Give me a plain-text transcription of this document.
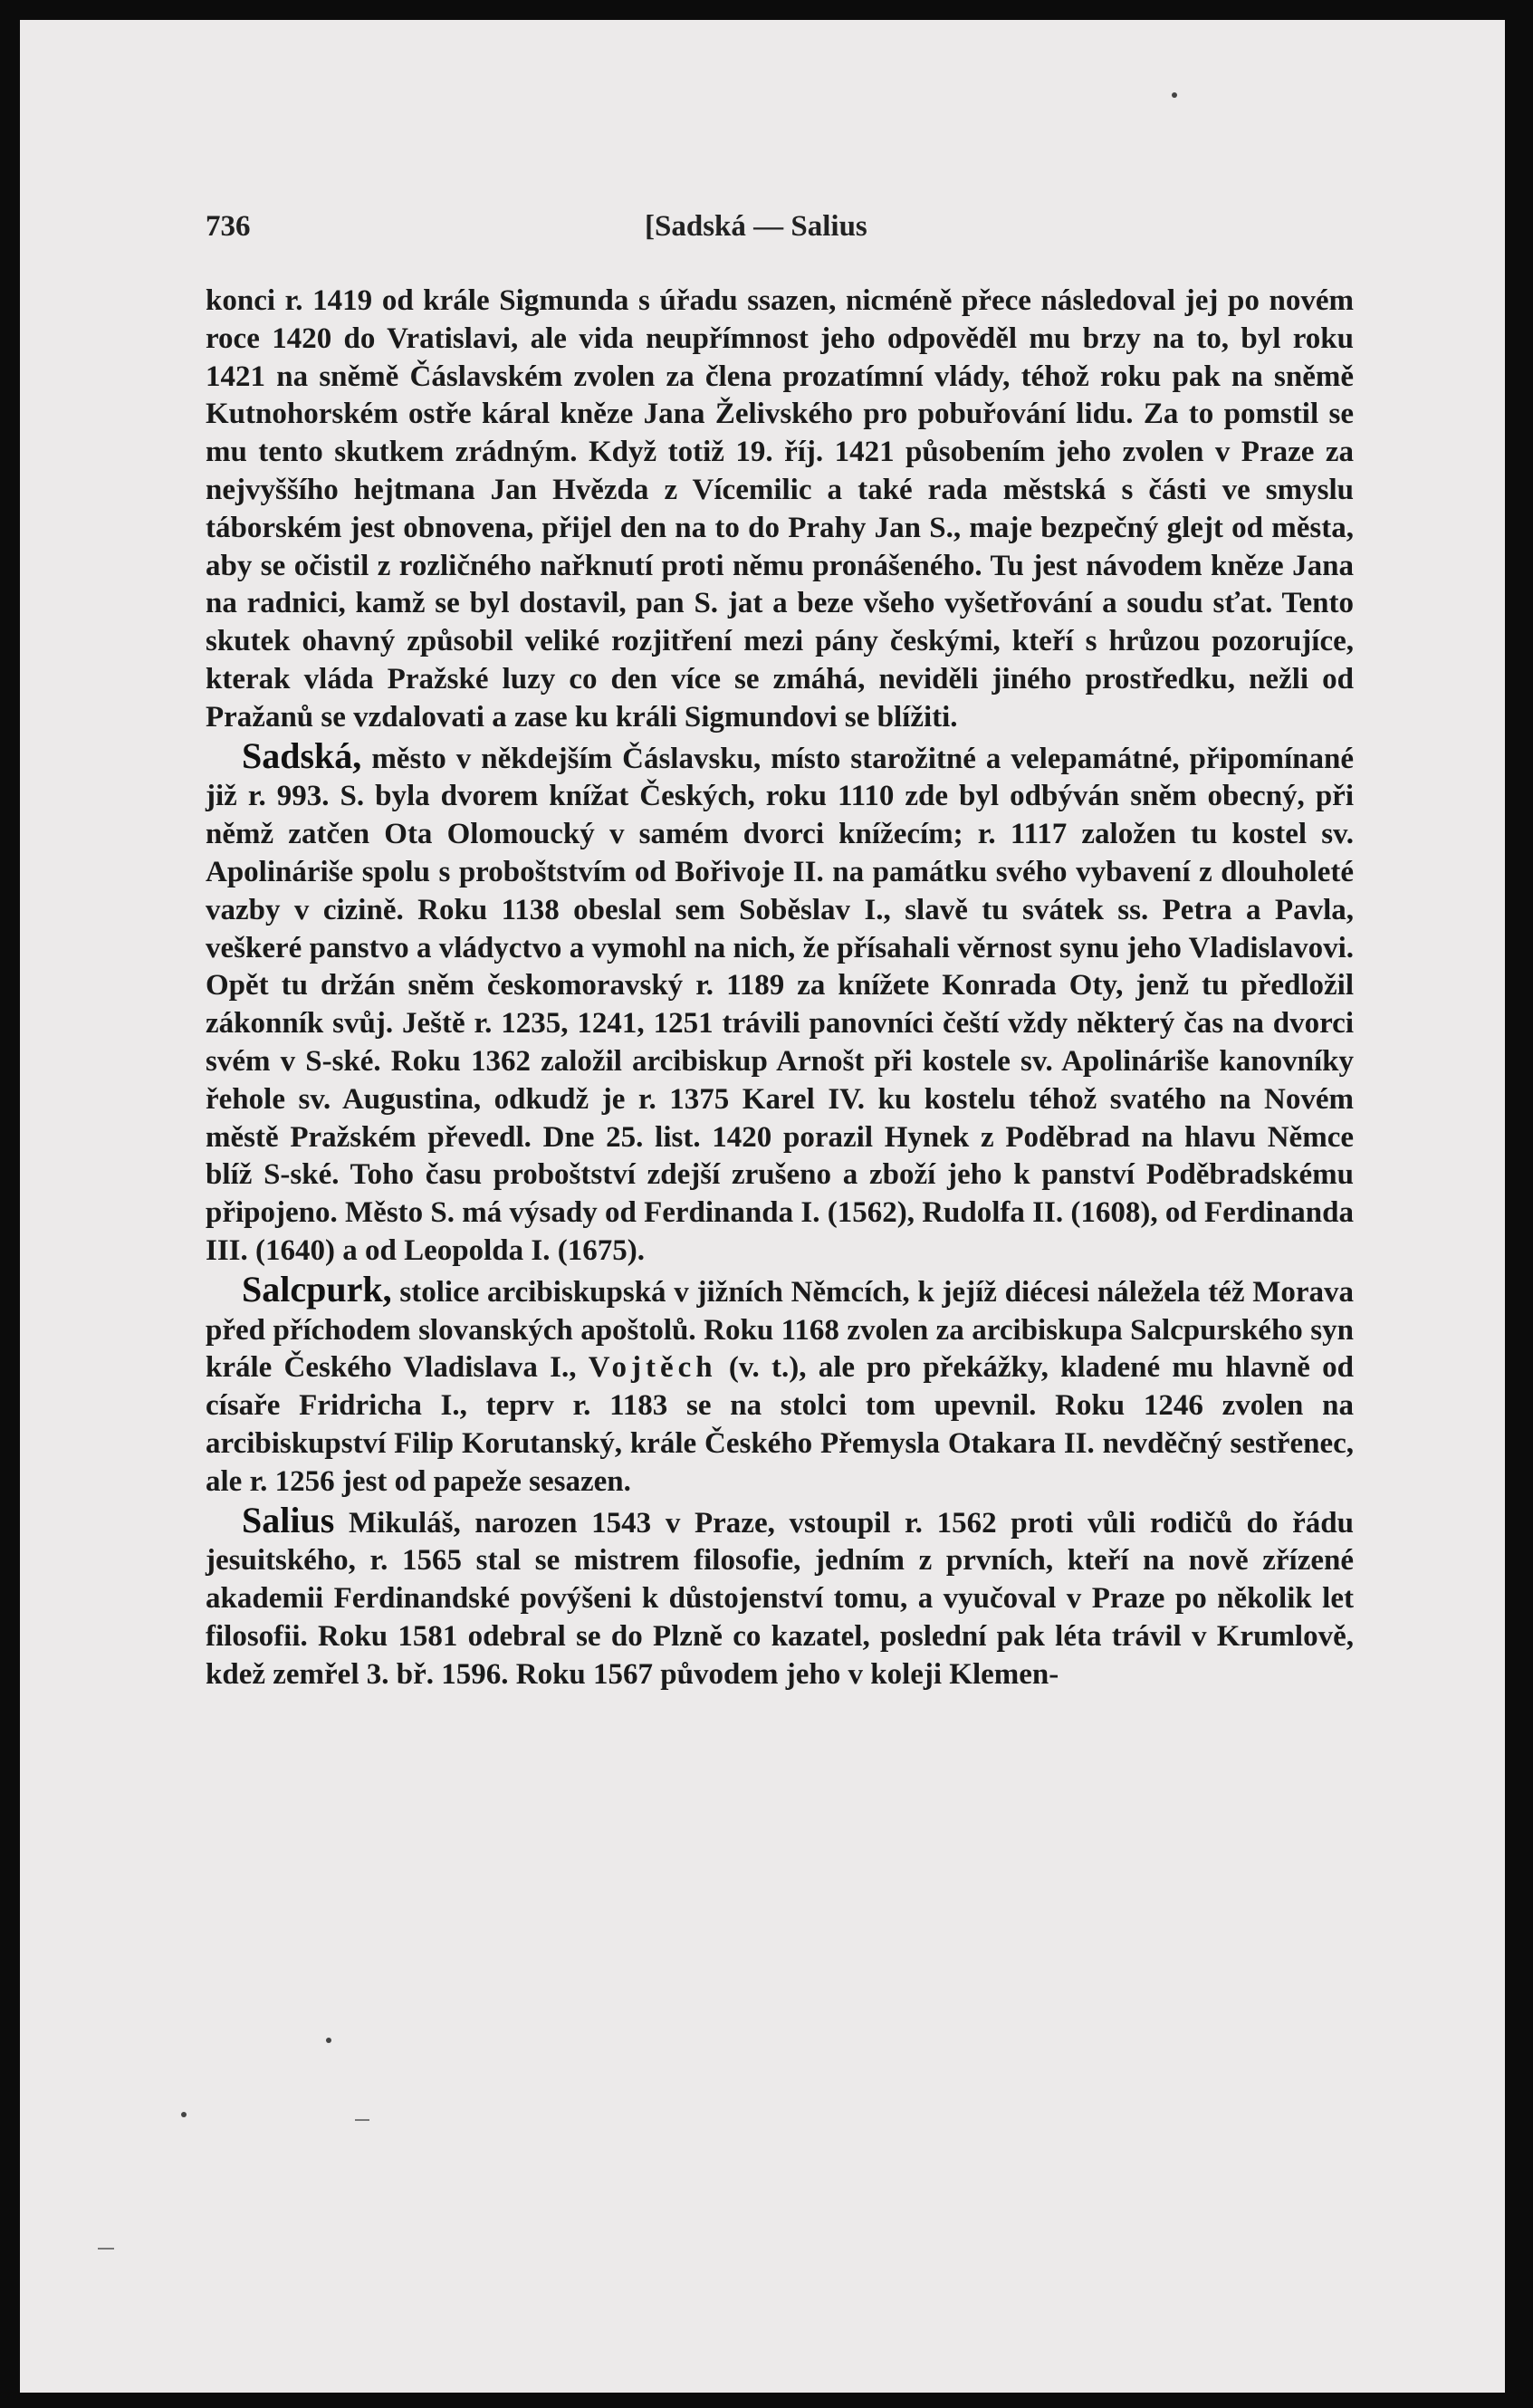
736	[Sadská — Salius

konci r. 1419 od krále Sigmunda s úřadu ssazen, nicméně přece následoval jej po novém roce 1420 do Vratislavi, ale vida neupřímnost jeho odpověděl mu brzy na to, byl roku 1421 na sněmě Čáslavském zvolen za člena prozatímní vlády, téhož roku pak na sněmě Kutnohorském ostře káral kněze Jana Želivského pro pobuřování lidu. Za to pomstil se mu tento skutkem zrádným. Když totiž 19. říj. 1421 působením jeho zvolen v Praze za nejvyššího hejtmana Jan Hvězda z Vícemilic a také rada městská s části ve smyslu táborském jest obnovena, přijel den na to do Prahy Jan S., maje bezpečný glejt od města, aby se očistil z rozličného nařknutí proti němu pronášeného. Tu jest návodem kněze Jana na radnici, kamž se byl dostavil, pan S. jat a beze všeho vyšetřování a soudu sťat. Tento skutek ohavný způsobil veliké rozjitření mezi pány českými, kteří s hrůzou pozorujíce, kterak vláda Pražské luzy co den více se zmáhá, neviděli jiného prostředku, nežli od Pražanů se vzdalovati a zase ku králi Sigmundovi se blížiti.

Sadská, město v někdejším Čáslavsku, místo starožitné a velepamátné, připomínané již r. 993. S. byla dvorem knížat Českých, roku 1110 zde byl odbýván sněm obecný, při němž zatčen Ota Olomoucký v samém dvorci knížecím; r. 1117 založen tu kostel sv. Apolináriše spolu s proboštstvím od Bořivoje II. na památku svého vybavení z dlouholeté vazby v cizině. Roku 1138 obeslal sem Soběslav I., slavě tu svátek ss. Petra a Pavla, veškeré panstvo a vládyctvo a vymohl na nich, že přísahali věrnost synu jeho Vladislavovi. Opět tu držán sněm českomoravský r. 1189 za knížete Konrada Oty, jenž tu předložil zákonník svůj. Ještě r. 1235, 1241, 1251 trávili panovníci čeští vždy některý čas na dvorci svém v S-ské. Roku 1362 založil arcibiskup Arnošt při kostele sv. Apolináriše kanovníky řehole sv. Augustina, odkudž je r. 1375 Karel IV. ku kostelu téhož svatého na Novém městě Pražském převedl. Dne 25. list. 1420 porazil Hynek z Poděbrad na hlavu Němce blíž S-ské. Toho času proboštství zdejší zrušeno a zboží jeho k panství Poděbradskému připojeno. Město S. má výsady od Ferdinanda I. (1562), Rudolfa II. (1608), od Ferdinanda III. (1640) a od Leopolda I. (1675).

Salcpurk, stolice arcibiskupská v jižních Němcích, k jejíž diécesi náležela též Morava před příchodem slovanských apoštolů. Roku 1168 zvolen za arcibiskupa Salcpurského syn krále Českého Vladislava I., Vojtěch (v. t.), ale pro překážky, kladené mu hlavně od císaře Fridricha I., teprv r. 1183 se na stolci tom upevnil. Roku 1246 zvolen na arcibiskupství Filip Korutanský, krále Českého Přemysla Otakara II. nevděčný sestřenec, ale r. 1256 jest od papeže sesazen.

Salius Mikuláš, narozen 1543 v Praze, vstoupil r. 1562 proti vůli rodičů do řádu jesuitského, r. 1565 stal se mistrem filosofie, jedním z prvních, kteří na nově zřízené akademii Ferdinandské povýšeni k důstojenství tomu, a vyučoval v Praze po několik let filosofii. Roku 1581 odebral se do Plzně co kazatel, poslední pak léta trávil v Krumlově, kdež zemřel 3. bř. 1596. Roku 1567 původem jeho v koleji Klemen-
